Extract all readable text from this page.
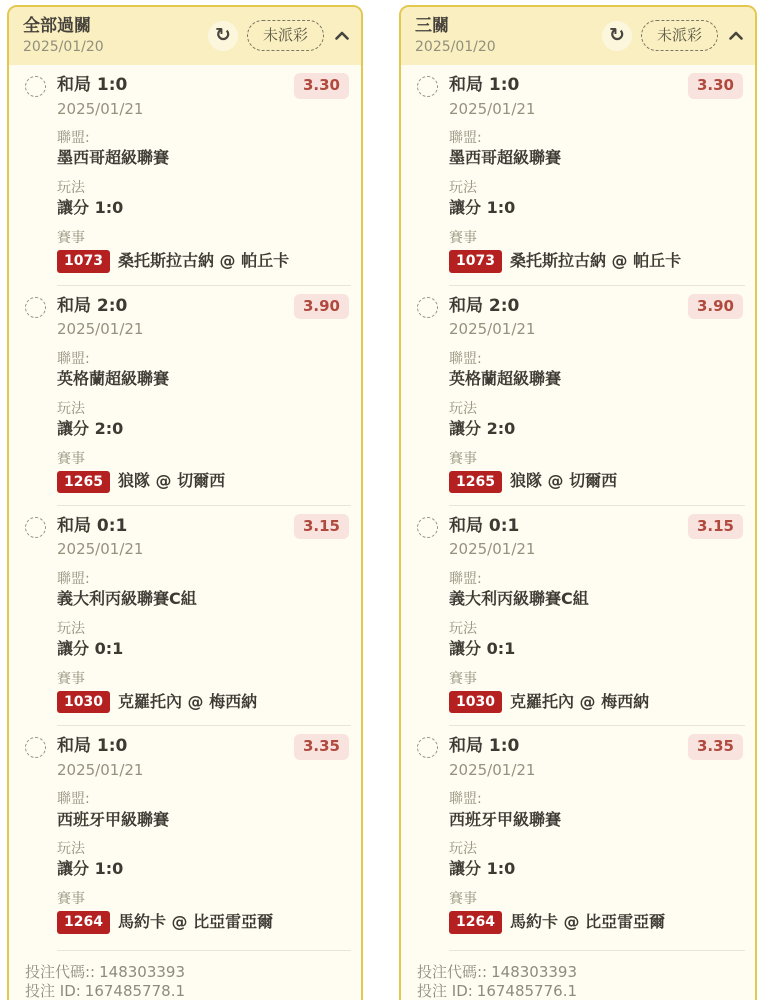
全部過關
2025/01/20
↻	未派彩
和局 1:0	3.30
2025/01/21
聯盟:
墨西哥超級聯賽
玩法
讓分 1:0
賽事
1073 桑托斯拉古納 @ 帕丘卡
和局 2:0	3.90
2025/01/21
聯盟:
英格蘭超級聯賽
玩法
讓分 2:0
賽事
1265 狼隊 @ 切爾西
和局 0:1	3.15
2025/01/21
聯盟:
義大利丙級聯賽C組
玩法
讓分 0:1
賽事
1030 克羅托內 @ 梅西納
和局 1:0	3.35
2025/01/21
聯盟:
西班牙甲級聯賽
玩法
讓分 1:0
賽事
1264 馬約卡 @ 比亞雷亞爾
投注代碼:: 148303393
投注 ID: 167485778.1
三關
2025/01/20
↻	未派彩
和局 1:0	3.30
2025/01/21
聯盟:
墨西哥超級聯賽
玩法
讓分 1:0
賽事
1073 桑托斯拉古納 @ 帕丘卡
和局 2:0	3.90
2025/01/21
聯盟:
英格蘭超級聯賽
玩法
讓分 2:0
賽事
1265 狼隊 @ 切爾西
和局 0:1	3.15
2025/01/21
聯盟:
義大利丙級聯賽C組
玩法
讓分 0:1
賽事
1030 克羅托內 @ 梅西納
和局 1:0	3.35
2025/01/21
聯盟:
西班牙甲級聯賽
玩法
讓分 1:0
賽事
1264 馬約卡 @ 比亞雷亞爾
投注代碼:: 148303393
投注 ID: 167485776.1
